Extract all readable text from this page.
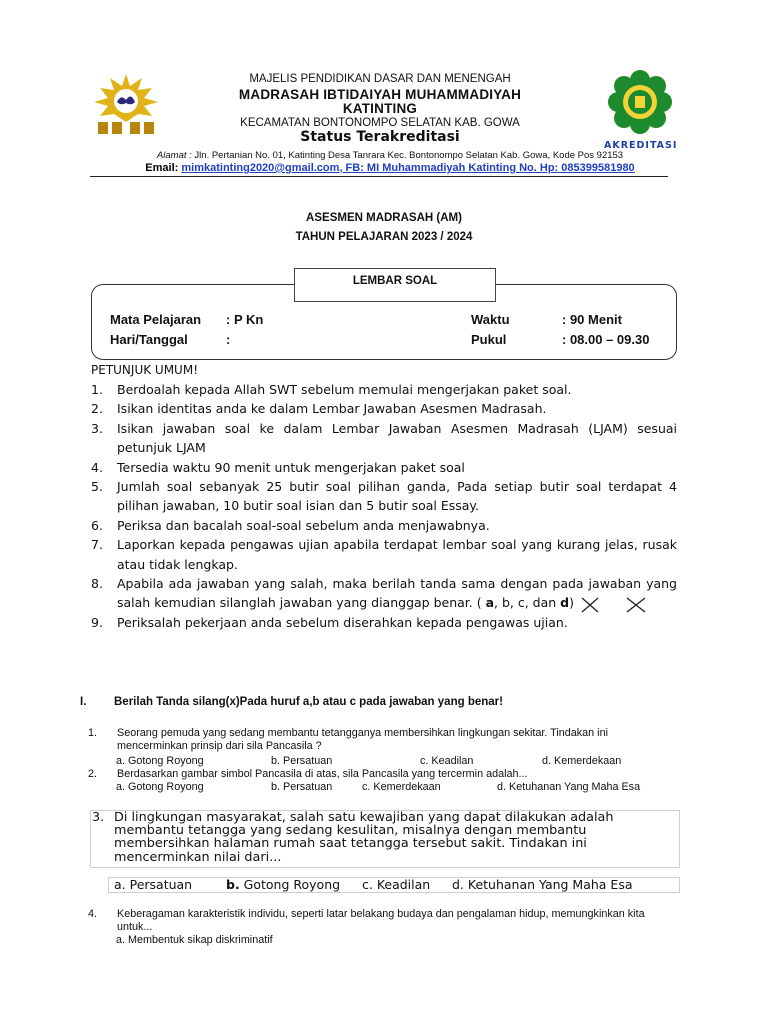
MAJELIS PENDIDIKAN DASAR DAN MENENGAH
MADRASAH IBTIDAIYAH MUHAMMADIYAH
KATINTING
KECAMATAN BONTONOMPO SELATAN KAB. GOWA
Status Terakreditasi
AKREDITASI
Alamat : Jln. Pertanian No. 01, Katinting Desa Tanrara Kec. Bontonompo Selatan Kab. Gowa, Kode Pos 92153
Email: mimkatinting2020@gmail.com, FB: MI Muhammadiyah Katinting No. Hp: 085399581980
ASESMEN MADRASAH (AM)
TAHUN PELAJARAN 2023 / 2024
LEMBAR SOAL
Mata Pelajaran : P Kn
Hari/Tanggal	:
Waktu	: 90 Menit
Pukul	: 08.00 – 09.30
PETUNJUK UMUM!
1.	Berdoalah kepada Allah SWT sebelum memulai mengerjakan paket soal.
2.	Isikan identitas anda ke dalam Lembar Jawaban Asesmen Madrasah.
3.	Isikan jawaban soal ke dalam Lembar Jawaban Asesmen Madrasah (LJAM) sesuai petunjuk LJAM
4.	Tersedia waktu 90 menit untuk mengerjakan paket soal
5.	Jumlah soal sebanyak 25 butir soal pilihan ganda, Pada setiap butir soal terdapat 4 pilihan jawaban, 10 butir soal isian dan 5 butir soal Essay.
6.	Periksa dan bacalah soal-soal sebelum anda menjawabnya.
7.	Laporkan kepada pengawas ujian apabila terdapat lembar soal yang kurang jelas, rusak atau tidak lengkap.
8.	Apabila ada jawaban yang salah, maka berilah tanda sama dengan pada jawaban yang salah kemudian silanglah jawaban yang dianggap benar. ( a, b, c, dan d)
9.	Periksalah pekerjaan anda sebelum diserahkan kepada pengawas ujian.
I. Berilah Tanda silang(x)Pada huruf a,b atau c pada jawaban yang benar!
1. Seorang pemuda yang sedang membantu tetangganya membersihkan lingkungan sekitar. Tindakan ini mencerminkan prinsip dari sila Pancasila ?
a. Gotong Royong	b. Persatuan	c. Keadilan	d. Kemerdekaan
2. Berdasarkan gambar simbol Pancasila di atas, sila Pancasila yang tercermin adalah...
a. Gotong Royong	b. Persatuan	c. Kemerdekaan	d. Ketuhanan Yang Maha Esa
3. Di lingkungan masyarakat, salah satu kewajiban yang dapat dilakukan adalah membantu tetangga yang sedang kesulitan, misalnya dengan membantu membersihkan halaman rumah saat tetangga tersebut sakit. Tindakan ini mencerminkan nilai dari...
a. Persatuan	b. Gotong Royong c. Keadilan d. Ketuhanan Yang Maha Esa
4. Keberagaman karakteristik individu, seperti latar belakang budaya dan pengalaman hidup, memungkinkan kita untuk...
a. Membentuk sikap diskriminatif
